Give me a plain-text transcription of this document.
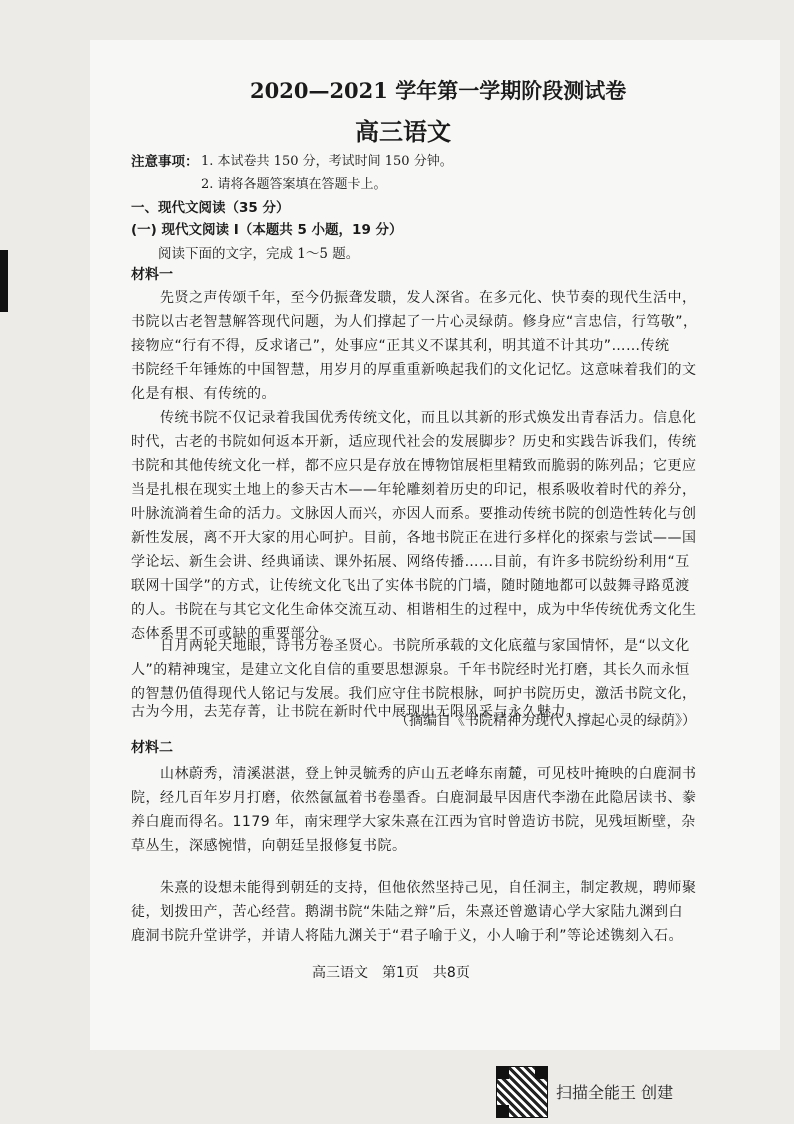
2020—2021 学年第一学期阶段测试卷
高三语文
注意事项： 1. 本试卷共 150 分，考试时间 150 分钟。
2. 请将各题答案填在答题卡上。
一、现代文阅读（35 分）
(一) 现代文阅读 I（本题共 5 小题，19 分）
阅读下面的文字，完成 1～5 题。
材料一
　　先贤之声传颂千年，至今仍振聋发聩，发人深省。在多元化、快节奏的现代生活中，
书院以古老智慧解答现代问题，为人们撑起了一片心灵绿荫。修身应“言忠信，行笃敬”，
接物应“行有不得，反求诸己”，处事应“正其义不谋其利，明其道不计其功”……传统
书院经千年锤炼的中国智慧，用岁月的厚重重新唤起我们的文化记忆。这意味着我们的文
化是有根、有传统的。
　　传统书院不仅记录着我国优秀传统文化，而且以其新的形式焕发出青春活力。信息化
时代，古老的书院如何返本开新，适应现代社会的发展脚步？历史和实践告诉我们，传统
书院和其他传统文化一样，都不应只是存放在博物馆展柜里精致而脆弱的陈列品；它更应
当是扎根在现实土地上的参天古木——年轮雕刻着历史的印记，根系吸收着时代的养分，
叶脉流淌着生命的活力。文脉因人而兴，亦因人而系。要推动传统书院的创造性转化与创
新性发展，离不开大家的用心呵护。目前，各地书院正在进行多样化的探索与尝试——国
学论坛、新生会讲、经典诵读、课外拓展、网络传播……目前，有许多书院纷纷利用“互
联网十国学”的方式，让传统文化飞出了实体书院的门墙，随时随地都可以鼓舞寻路觅渡
的人。书院在与其它文化生命体交流互动、相谐相生的过程中，成为中华传统优秀文化生
态体系里不可或缺的重要部分。
　　日月两轮天地眼，诗书万卷圣贤心。书院所承载的文化底蕴与家国情怀，是“以文化
人”的精神瑰宝，是建立文化自信的重要思想源泉。千年书院经时光打磨，其长久而永恒
的智慧仍值得现代人铭记与发展。我们应守住书院根脉，呵护书院历史，激活书院文化，
古为今用，去芜存菁，让书院在新时代中展现出无限风采与永久魅力。
（摘编自《书院精神为现代人撑起心灵的绿荫》）
材料二
　　山林蔚秀，清溪湛湛，登上钟灵毓秀的庐山五老峰东南麓，可见枝叶掩映的白鹿洞书
院，经几百年岁月打磨，依然氤氲着书卷墨香。白鹿洞最早因唐代李渤在此隐居读书、豢
养白鹿而得名。1179 年，南宋理学大家朱熹在江西为官时曾造访书院，见残垣断壁，杂
草丛生，深感惋惜，向朝廷呈报修复书院。
　　朱熹的设想未能得到朝廷的支持，但他依然坚持己见，自任洞主，制定教规，聘师聚
徒，划拨田产，苦心经营。鹅湖书院“朱陆之辩”后，朱熹还曾邀请心学大家陆九渊到白
鹿洞书院升堂讲学，并请人将陆九渊关于“君子喻于义，小人喻于利”等论述镌刻入石。
高三语文　第1页　共8页
扫描全能王 创建
